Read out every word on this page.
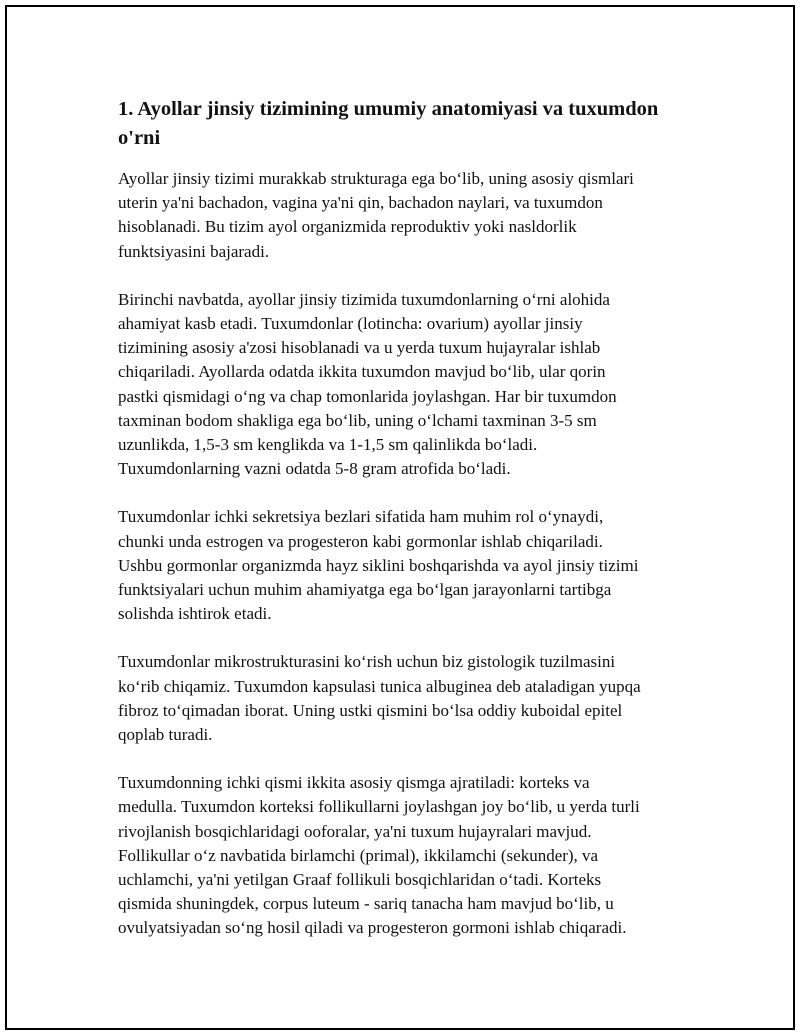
1. Ayollar jinsiy tizimining umumiy anatomiyasi va tuxumdon
o'rni

Ayollar jinsiy tizimi murakkab strukturaga ega bo‘lib, uning asosiy qismlari
uterin ya'ni bachadon, vagina ya'ni qin, bachadon naylari, va tuxumdon
hisoblanadi. Bu tizim ayol organizmida reproduktiv yoki nasldorlik
funktsiyasini bajaradi.

Birinchi navbatda, ayollar jinsiy tizimida tuxumdonlarning o‘rni alohida
ahamiyat kasb etadi. Tuxumdonlar (lotincha: ovarium) ayollar jinsiy
tizimining asosiy a'zosi hisoblanadi va u yerda tuxum hujayralar ishlab
chiqariladi. Ayollarda odatda ikkita tuxumdon mavjud bo‘lib, ular qorin
pastki qismidagi o‘ng va chap tomonlarida joylashgan. Har bir tuxumdon
taxminan bodom shakliga ega bo‘lib, uning o‘lchami taxminan 3-5 sm
uzunlikda, 1,5-3 sm kenglikda va 1-1,5 sm qalinlikda bo‘ladi.
Tuxumdonlarning vazni odatda 5-8 gram atrofida bo‘ladi.

Tuxumdonlar ichki sekretsiya bezlari sifatida ham muhim rol o‘ynaydi,
chunki unda estrogen va progesteron kabi gormonlar ishlab chiqariladi.
Ushbu gormonlar organizmda hayz siklini boshqarishda va ayol jinsiy tizimi
funktsiyalari uchun muhim ahamiyatga ega bo‘lgan jarayonlarni tartibga
solishda ishtirok etadi.

Tuxumdonlar mikrostrukturasini ko‘rish uchun biz gistologik tuzilmasini
ko‘rib chiqamiz. Tuxumdon kapsulasi tunica albuginea deb ataladigan yupqa
fibroz to‘qimadan iborat. Uning ustki qismini bo‘lsa oddiy kuboidal epitel
qoplab turadi.

Tuxumdonning ichki qismi ikkita asosiy qismga ajratiladi: korteks va
medulla. Tuxumdon korteksi follikullarni joylashgan joy bo‘lib, u yerda turli
rivojlanish bosqichlaridagi ooforalar, ya'ni tuxum hujayralari mavjud.
Follikullar o‘z navbatida birlamchi (primal), ikkilamchi (sekunder), va
uchlamchi, ya'ni yetilgan Graaf follikuli bosqichlaridan o‘tadi. Korteks
qismida shuningdek, corpus luteum - sariq tanacha ham mavjud bo‘lib, u
ovulyatsiyadan so‘ng hosil qiladi va progesteron gormoni ishlab chiqaradi.
